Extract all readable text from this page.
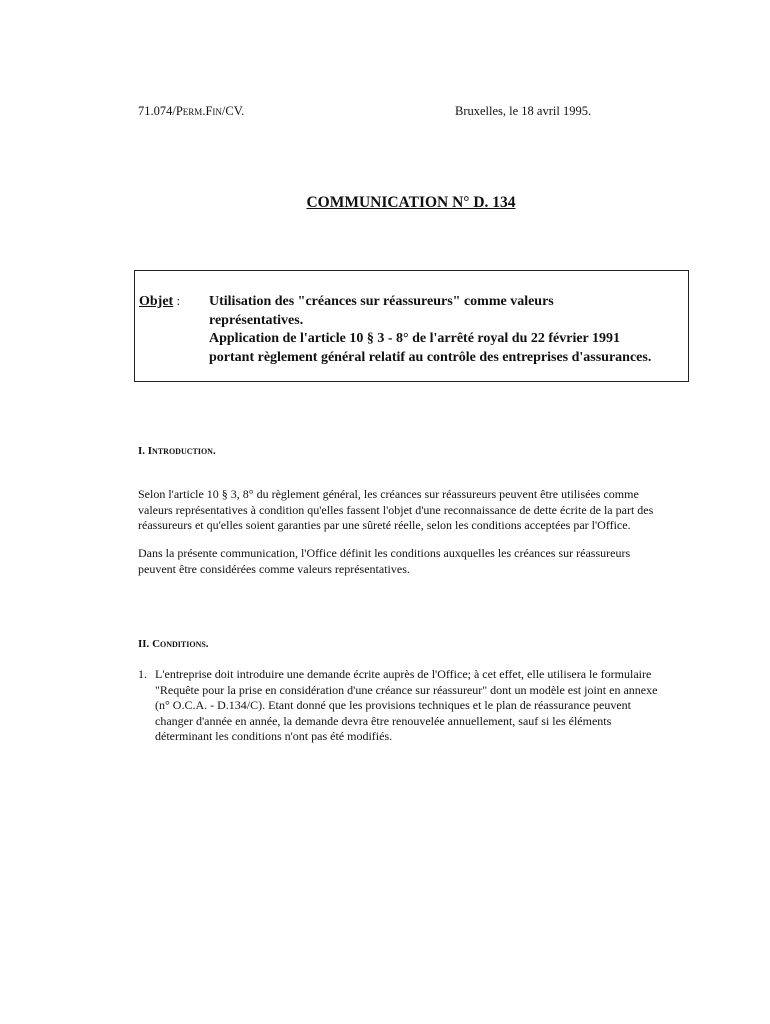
71.074/Perm.Fin/CV.	Bruxelles, le 18 avril 1995.
COMMUNICATION N° D. 134
Objet : Utilisation des "créances sur réassureurs" comme valeurs
représentatives.
Application de l'article 10 § 3 - 8° de l'arrêté royal du 22 février 1991
portant règlement général relatif au contrôle des entreprises d'assurances.
I. Introduction.
Selon l'article 10 § 3, 8° du règlement général, les créances sur réassureurs peuvent être utilisées comme
valeurs représentatives à condition qu'elles fassent l'objet d'une reconnaissance de dette écrite de la part des
réassureurs et qu'elles soient garanties par une sûreté réelle, selon les conditions acceptées par l'Office.
Dans la présente communication, l'Office définit les conditions auxquelles les créances sur réassureurs
peuvent être considérées comme valeurs représentatives.
II. Conditions.
1. L'entreprise doit introduire une demande écrite auprès de l'Office; à cet effet, elle utilisera le formulaire
"Requête pour la prise en considération d'une créance sur réassureur" dont un modèle est joint en annexe
(n° O.C.A. - D.134/C). Etant donné que les provisions techniques et le plan de réassurance peuvent
changer d'année en année, la demande devra être renouvelée annuellement, sauf si les éléments
déterminant les conditions n'ont pas été modifiés.
